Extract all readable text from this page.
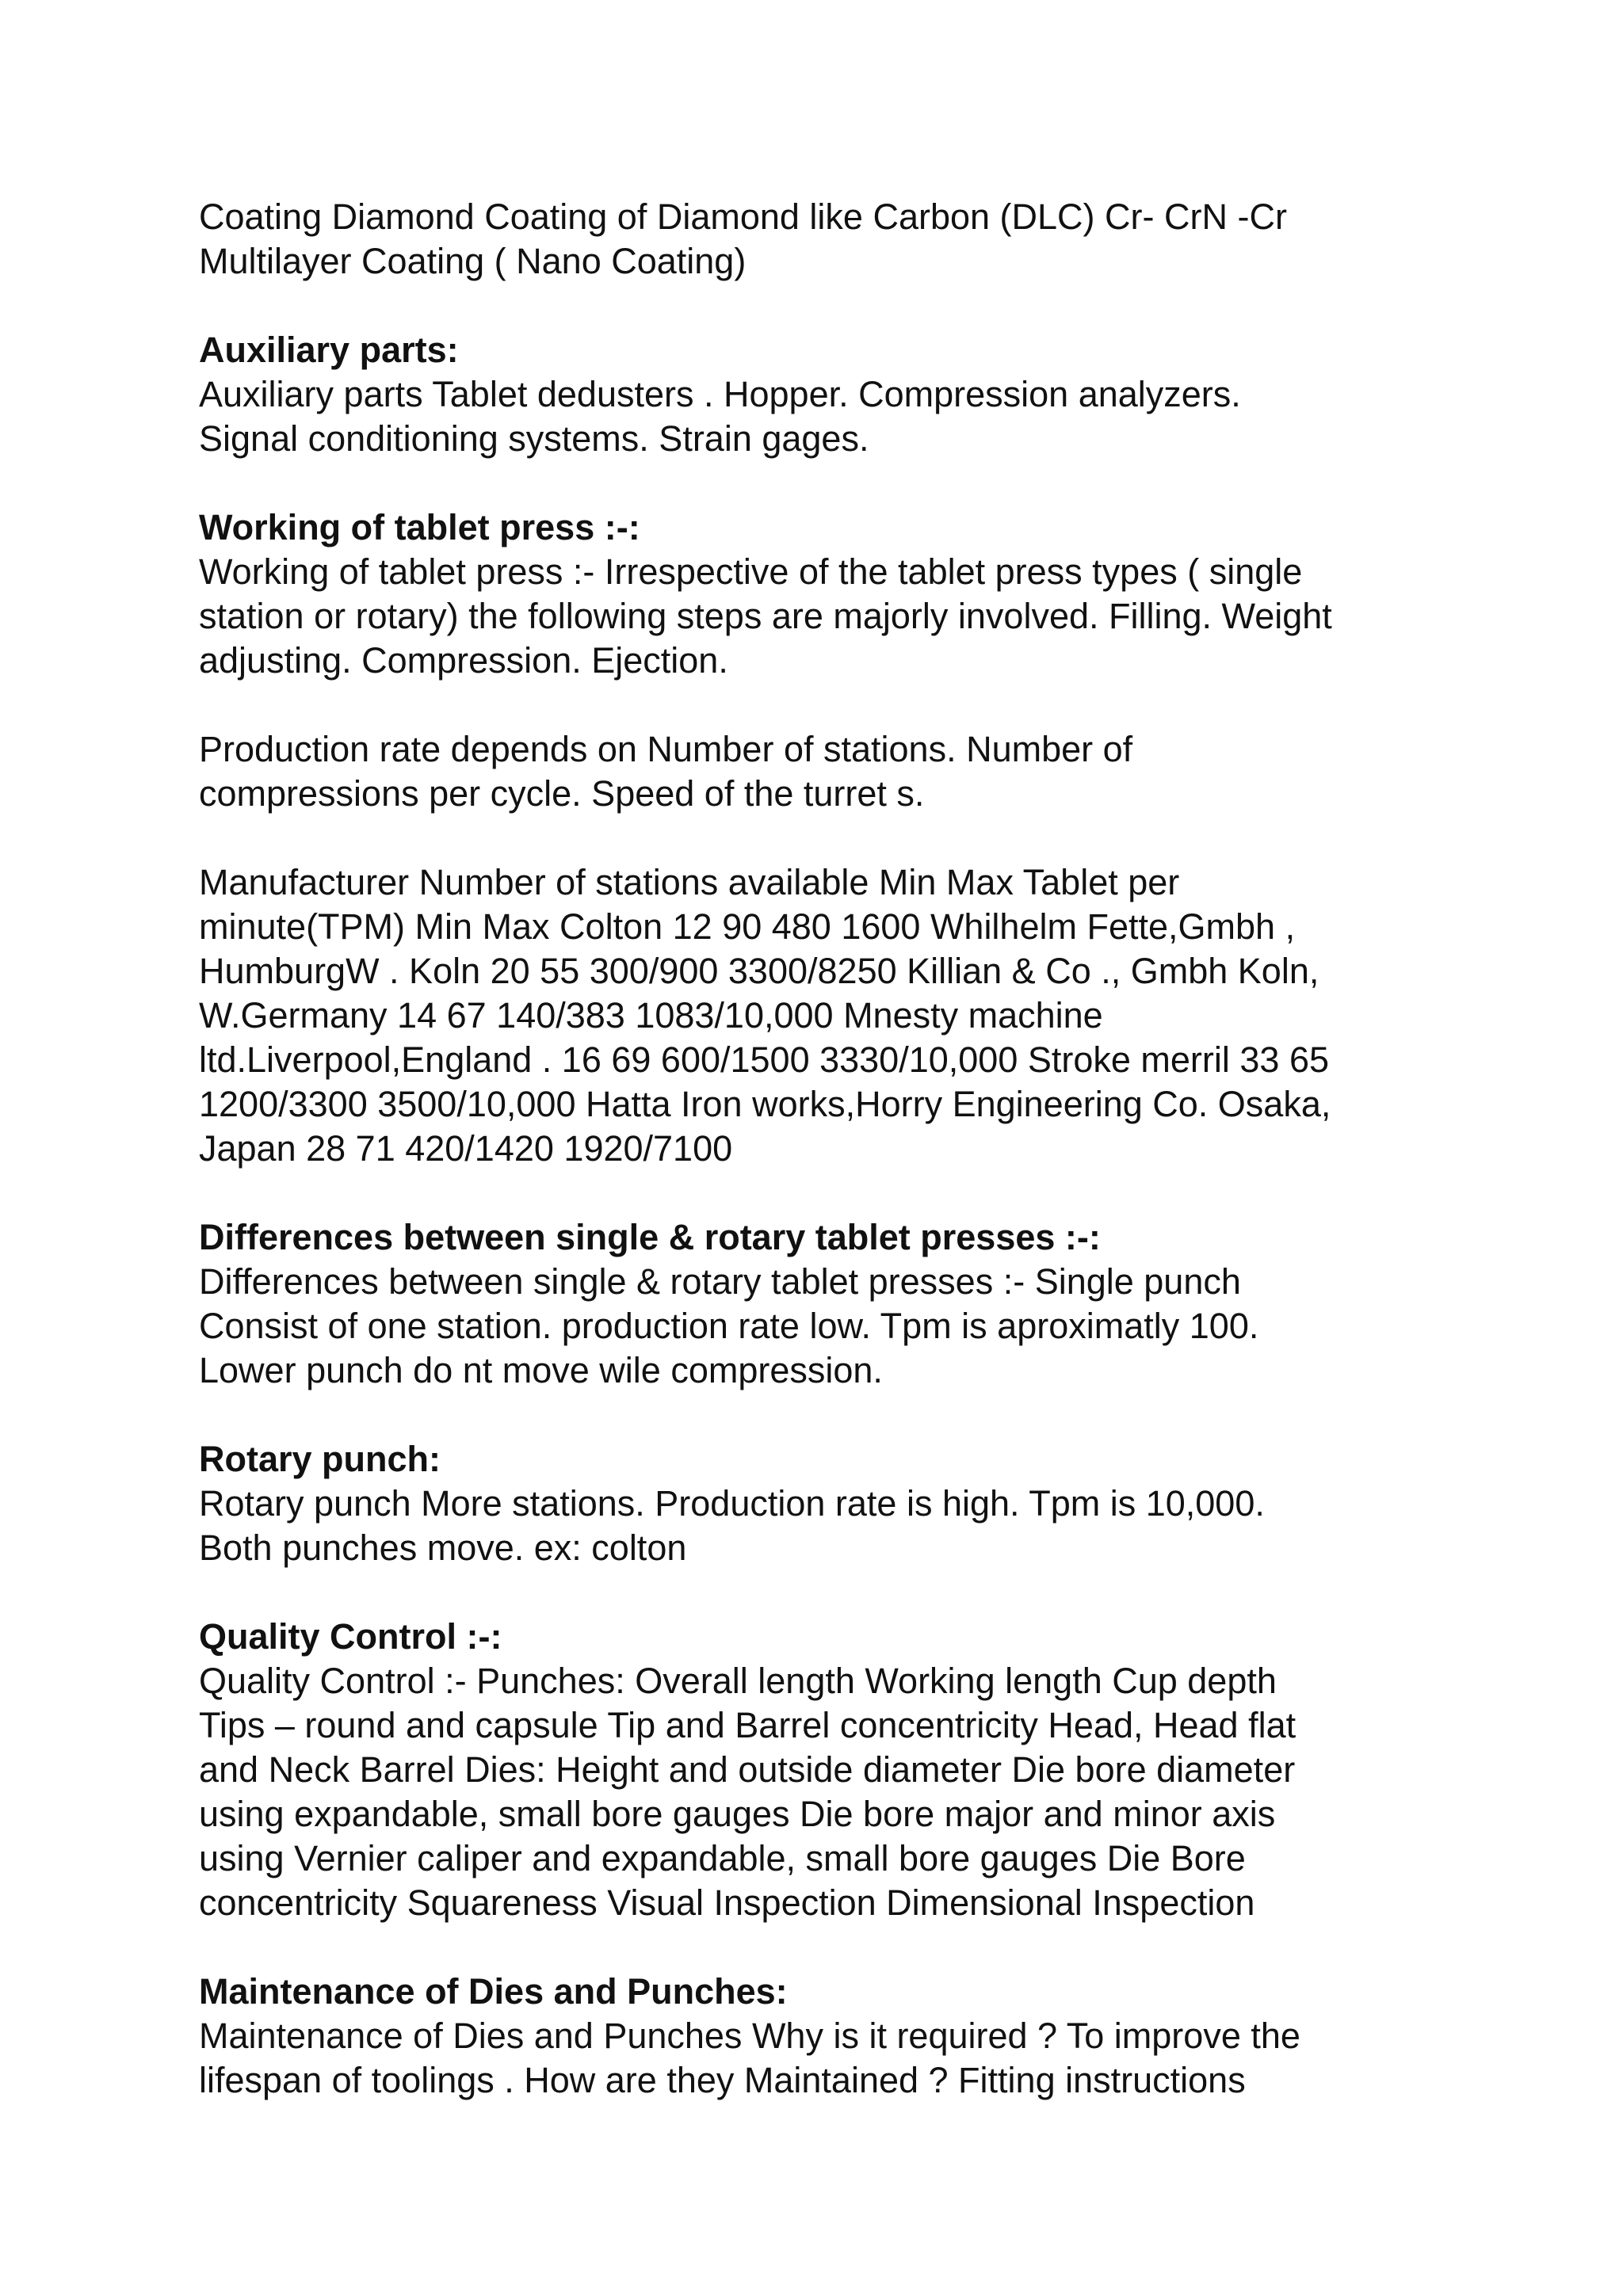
Coating Diamond Coating of Diamond like Carbon (DLC) Cr- CrN -Cr
Multilayer Coating ( Nano Coating)
Auxiliary parts:
Auxiliary parts Tablet dedusters . Hopper. Compression analyzers.
Signal conditioning systems. Strain gages.
Working of tablet press :-:
Working of tablet press :- Irrespective of the tablet press types ( single
station or rotary) the following steps are majorly involved. Filling. Weight
adjusting. Compression. Ejection.
Production rate depends on Number of stations. Number of
compressions per cycle. Speed of the turret s.
Manufacturer Number of stations available Min Max Tablet per
minute(TPM) Min Max Colton 12 90 480 1600 Whilhelm Fette,Gmbh ,
HumburgW . Koln 20 55 300/900 3300/8250 Killian & Co ., Gmbh Koln,
W.Germany 14 67 140/383 1083/10,000 Mnesty machine
ltd.Liverpool,England . 16 69 600/1500 3330/10,000 Stroke merril 33 65
1200/3300 3500/10,000 Hatta Iron works,Horry Engineering Co. Osaka,
Japan 28 71 420/1420 1920/7100
Differences between single & rotary tablet presses :-:
Differences between single & rotary tablet presses :- Single punch
Consist of one station. production rate low. Tpm is aproximatly 100.
Lower punch do nt move wile compression.
Rotary punch:
Rotary punch More stations. Production rate is high. Tpm is 10,000.
Both punches move. ex: colton
Quality Control :-:
Quality Control :- Punches: Overall length Working length Cup depth
Tips – round and capsule Tip and Barrel concentricity Head, Head flat
and Neck Barrel Dies: Height and outside diameter Die bore diameter
using expandable, small bore gauges Die bore major and minor axis
using Vernier caliper and expandable, small bore gauges Die Bore
concentricity Squareness Visual Inspection Dimensional Inspection
Maintenance of Dies and Punches:
Maintenance of Dies and Punches Why is it required ? To improve the
lifespan of toolings . How are they Maintained ? Fitting instructions
